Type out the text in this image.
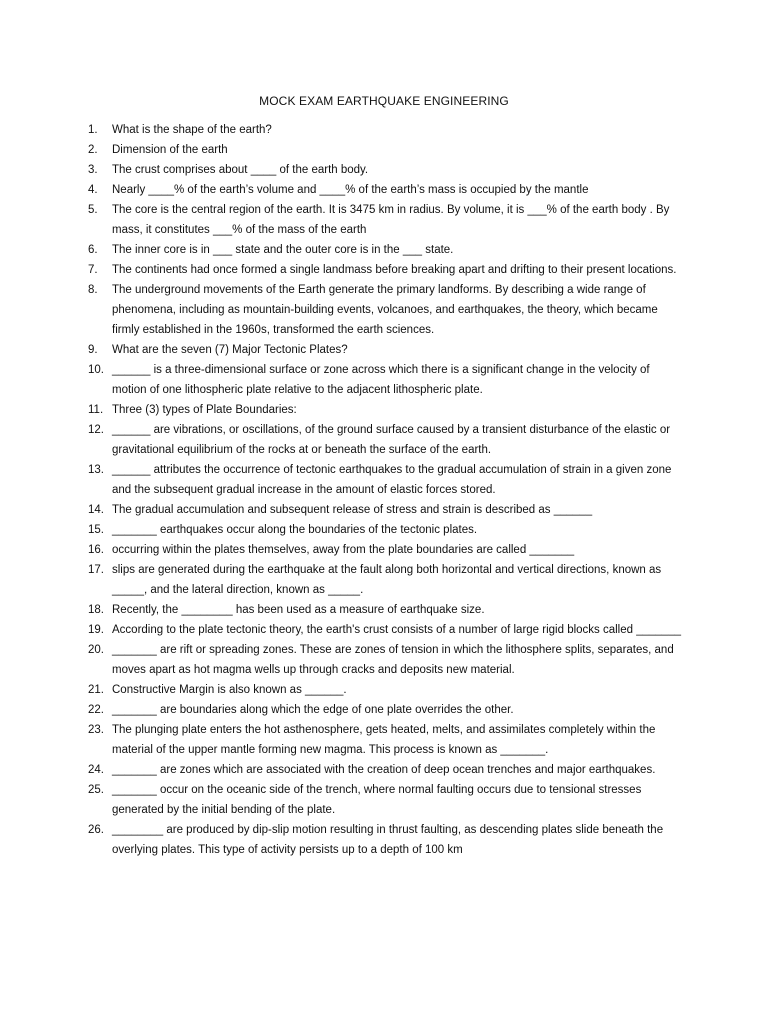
MOCK EXAM EARTHQUAKE ENGINEERING
1.	What is the shape of the earth?
2.	Dimension of the earth
3.	The crust comprises about ____ of the earth body.
4.	Nearly ____% of the earth’s volume and ____% of the earth’s mass is occupied by the mantle
5.	The core is the central region of the earth. It is 3475 km in radius. By volume, it is ___% of the earth body . By mass, it constitutes ___% of the mass of the earth
6.	The inner core is in ___ state and the outer core is in the ___ state.
7.	The continents had once formed a single landmass before breaking apart and drifting to their present locations.
8.	The underground movements of the Earth generate the primary landforms. By describing a wide range of phenomena, including as mountain-building events, volcanoes, and earthquakes, the theory, which became firmly established in the 1960s, transformed the earth sciences.
9.	What are the seven (7) Major Tectonic Plates?
10. ______ is a three-dimensional surface or zone across which there is a significant change in the velocity of motion of one lithospheric plate relative to the adjacent lithospheric plate.
11. Three (3) types of Plate Boundaries:
12. ______ are vibrations, or oscillations, of the ground surface caused by a transient disturbance of the elastic or gravitational equilibrium of the rocks at or beneath the surface of the earth.
13. ______ attributes the occurrence of tectonic earthquakes to the gradual accumulation of strain in a given zone and the subsequent gradual increase in the amount of elastic forces stored.
14. The gradual accumulation and subsequent release of stress and strain is described as ______
15. _______ earthquakes occur along the boundaries of the tectonic plates.
16. occurring within the plates themselves, away from the plate boundaries are called _______
17. slips are generated during the earthquake at the fault along both horizontal and vertical directions, known as _____, and the lateral direction, known as _____.
18. Recently, the ________ has been used as a measure of earthquake size.
19. According to the plate tectonic theory, the earth's crust consists of a number of large rigid blocks called _______
20. _______ are rift or spreading zones. These are zones of tension in which the lithosphere splits, separates, and moves apart as hot magma wells up through cracks and deposits new material.
21. Constructive Margin is also known as ______.
22. _______ are boundaries along which the edge of one plate overrides the other.
23. The plunging plate enters the hot asthenosphere, gets heated, melts, and assimilates completely within the material of the upper mantle forming new magma. This process is known as _______.
24. _______ are zones which are associated with the creation of deep ocean trenches and major earthquakes.
25. _______ occur on the oceanic side of the trench, where normal faulting occurs due to tensional stresses generated by the initial bending of the plate.
26. ________ are produced by dip-slip motion resulting in thrust faulting, as descending plates slide beneath the overlying plates. This type of activity persists up to a depth of 100 km
